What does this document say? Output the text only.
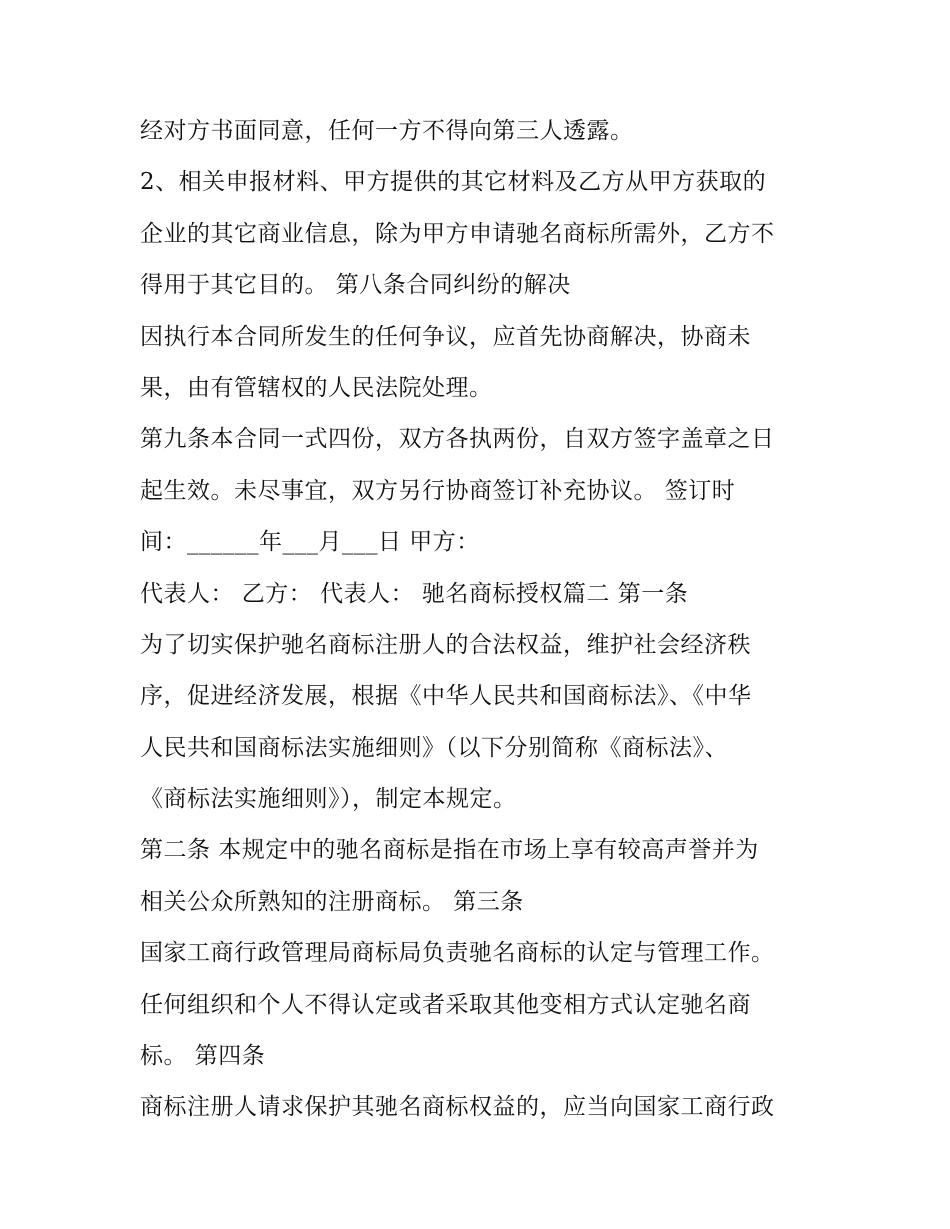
经对方书面同意，任何一方不得向第三人透露。
2、相关申报材料、甲方提供的其它材料及乙方从甲方获取的
企业的其它商业信息，除为甲方申请驰名商标所需外，乙方不
得用于其它目的。 第八条合同纠纷的解决
因执行本合同所发生的任何争议，应首先协商解决，协商未
果，由有管辖权的人民法院处理。
第九条本合同一式四份，双方各执两份，自双方签字盖章之日
起生效。未尽事宜，双方另行协商签订补充协议。 签订时
间：______年___月___日 甲方：
代表人： 乙方： 代表人： 驰名商标授权篇二 第一条
为了切实保护驰名商标注册人的合法权益，维护社会经济秩
序，促进经济发展，根据《中华人民共和国商标法》、《中华
人民共和国商标法实施细则》（以下分别简称《商标法》、
《商标法实施细则》），制定本规定。
第二条 本规定中的驰名商标是指在市场上享有较高声誉并为
相关公众所熟知的注册商标。 第三条
国家工商行政管理局商标局负责驰名商标的认定与管理工作。
任何组织和个人不得认定或者采取其他变相方式认定驰名商
标。 第四条
商标注册人请求保护其驰名商标权益的，应当向国家工商行政
